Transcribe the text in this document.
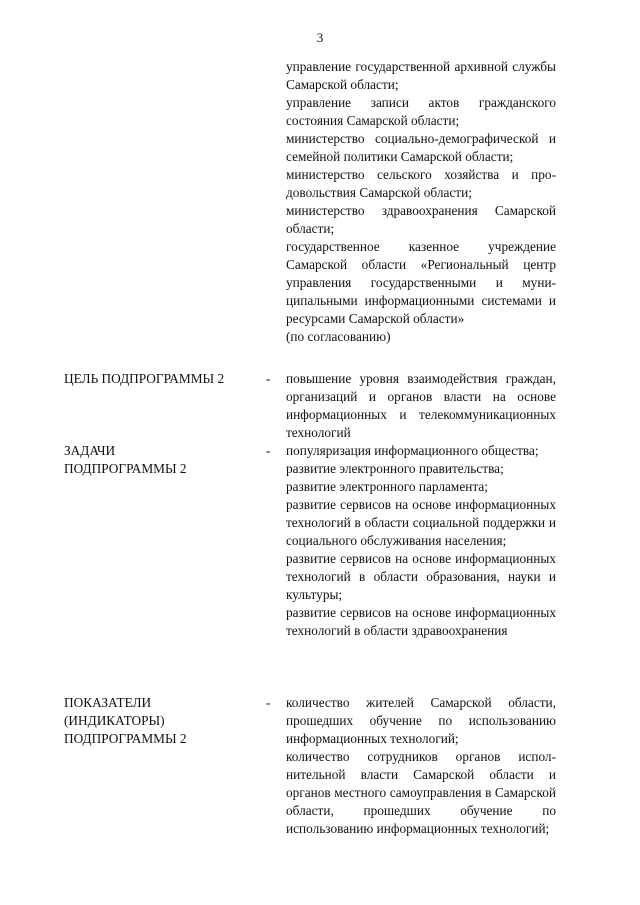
3

управление государственной архивной службы Самарской области;

управление записи актов гражданского состояния Самарской области;

министерство социально-демографической и семейной политики Самарской области;

министерство сельского хозяйства и продовольствия Самарской области;

министерство здравоохранения Самарской области;

государственное казенное учреждение Самарской области «Региональный центр управления государственными и муниципальными информационными системами и ресурсами Самарской области»

(по согласованию)

ЦЕЛЬ ПОДПРОГРАММЫ 2	- повышение уровня взаимодействия граждан, организаций и органов власти на основе информационных и телекоммуникационных технологий

ЗАДАЧИ ПОДПРОГРАММЫ 2
- популяризация информационного общества;

развитие электронного правительства;

развитие электронного парламента;

развитие сервисов на основе информационных технологий в области социальной поддержки и социального обслуживания населения;

развитие сервисов на основе информационных технологий в области образования, науки и культуры;

развитие сервисов на основе информационных технологий в области здравоохранения

ПОКАЗАТЕЛИ (ИНДИКАТОРЫ) ПОДПРОГРАММЫ 2
- количество жителей Самарской области, прошедших обучение по использованию информационных технологий;

количество сотрудников органов исполнительной власти Самарской области и органов местного самоуправления в Самарской области, прошедших обучение по использованию информационных технологий;
